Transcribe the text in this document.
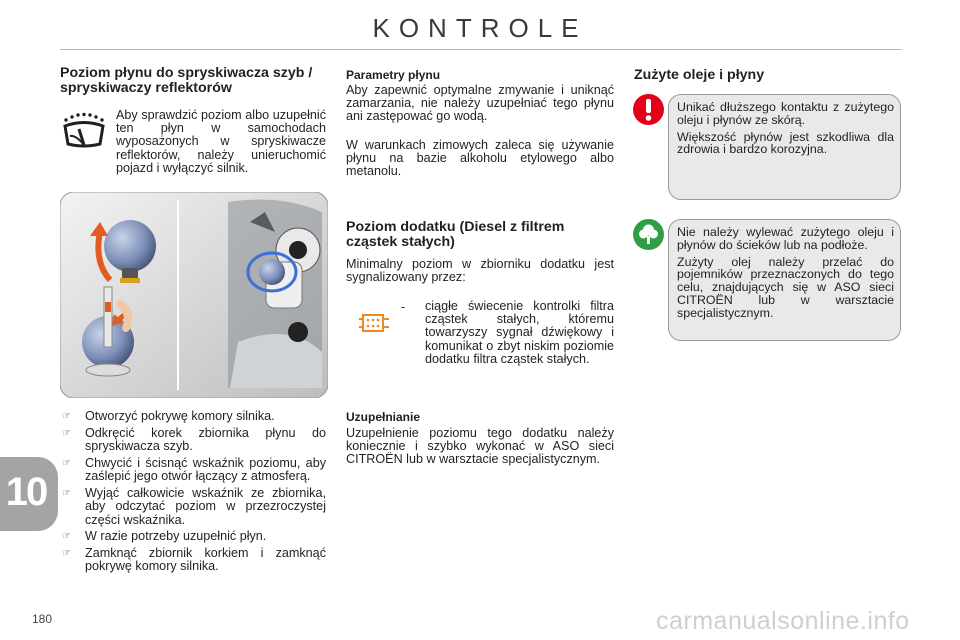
KONTROLE
Poziom płynu do spryskiwacza szyb / spryskiwaczy reflektorów

Aby sprawdzić poziom albo uzupełnić ten płyn w samochodach wyposażonych w spryskiwacze reflektorów, należy unieruchomić pojazd i wyłączyć silnik.

☞ Otworzyć pokrywę komory silnika.
☞ Odkręcić korek zbiornika płynu do spryskiwacza szyb.
☞ Chwycić i ścisnąć wskaźnik poziomu, aby zaślepić jego otwór łączący z atmosferą.
☞ Wyjąć całkowicie wskaźnik ze zbiornika, aby odczytać poziom w przezroczystej części wskaźnika.
☞ W razie potrzeby uzupełnić płyn.
☞ Zamknąć zbiornik korkiem i zamknąć pokrywę komory silnika.
Parametry płynu

Aby zapewnić optymalne zmywanie i uniknąć zamarzania, nie należy uzupełniać tego płynu ani zastępować go wodą.

W warunkach zimowych zaleca się używanie płynu na bazie alkoholu etylowego albo metanolu.

Poziom dodatku (Diesel z filtrem cząstek stałych)

Minimalny poziom w zbiorniku dodatku jest sygnalizowany przez:

- ciągłe świecenie kontrolki filtra cząstek stałych, któremu towarzyszy sygnał dźwiękowy i komunikat o zbyt niskim poziomie dodatku filtra cząstek stałych.

Uzupełnianie

Uzupełnienie poziomu tego dodatku należy koniecznie i szybko wykonać w ASO sieci CITROËN lub w warsztacie specjalistycznym.

Zużyte oleje i płyny

Unikać dłuższego kontaktu z zużytego oleju i płynów ze skórą.

Większość płynów jest szkodliwa dla zdrowia i bardzo korozyjna.

Nie należy wylewać zużytego oleju i płynów do ścieków lub na podłoże.

Zużyty olej należy przelać do pojemników przeznaczonych do tego celu, znajdujących się w ASO sieci CITROËN lub w warsztacie specjalistycznym.

10
180	carmanualsonline.info
